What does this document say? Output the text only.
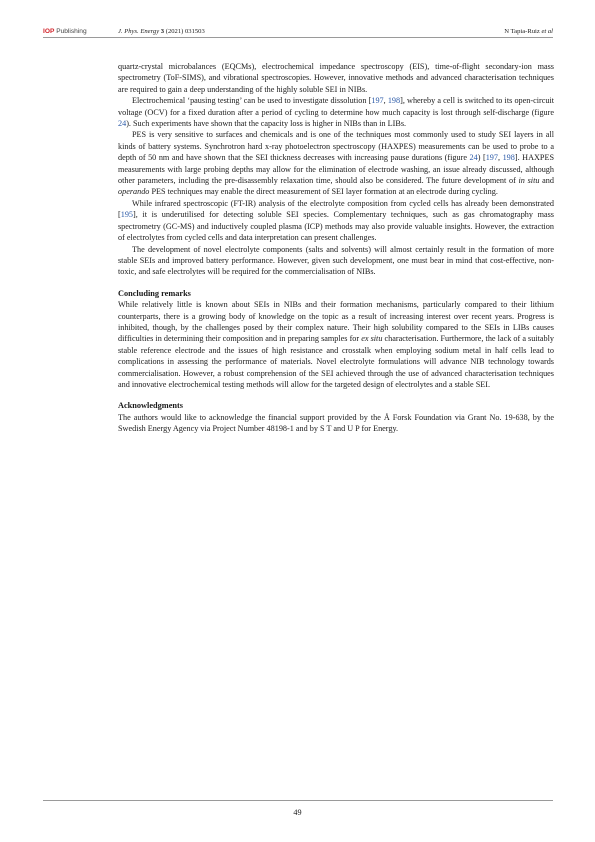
IOP Publishing	J. Phys. Energy 3 (2021) 031503	N Tapia-Ruiz et al

quartz-crystal microbalances (EQCMs), electrochemical impedance spectroscopy (EIS), time-of-flight secondary-ion mass spectrometry (ToF-SIMS), and vibrational spectroscopies. However, innovative methods and advanced characterisation techniques are required to gain a deep understanding of the highly soluble SEI in NIBs.

Electrochemical ‘pausing testing’ can be used to investigate dissolution [197, 198], whereby a cell is switched to its open-circuit voltage (OCV) for a fixed duration after a period of cycling to determine how much capacity is lost through self-discharge (figure 24). Such experiments have shown that the capacity loss is higher in NIBs than in LIBs.

PES is very sensitive to surfaces and chemicals and is one of the techniques most commonly used to study SEI layers in all kinds of battery systems. Synchrotron hard x-ray photoelectron spectroscopy (HAXPES) measurements can be used to probe to a depth of 50 nm and have shown that the SEI thickness decreases with increasing pause durations (figure 24) [197, 198]. HAXPES measurements with large probing depths may allow for the elimination of electrode washing, an issue already discussed, although other parameters, including the pre-disassembly relaxation time, should also be considered. The future development of in situ and operando PES techniques may enable the direct measurement of SEI layer formation at an electrode during cycling.

While infrared spectroscopic (FT-IR) analysis of the electrolyte composition from cycled cells has already been demonstrated [195], it is underutilised for detecting soluble SEI species. Complementary techniques, such as gas chromatography mass spectrometry (GC-MS) and inductively coupled plasma (ICP) methods may also provide valuable insights. However, the extraction of electrolytes from cycled cells and data interpretation can present challenges.

The development of novel electrolyte components (salts and solvents) will almost certainly result in the formation of more stable SEIs and improved battery performance. However, given such development, one must bear in mind that cost-effective, non-toxic, and safe electrolytes will be required for the commercialisation of NIBs.

Concluding remarks

While relatively little is known about SEIs in NIBs and their formation mechanisms, particularly compared to their lithium counterparts, there is a growing body of knowledge on the topic as a result of increasing interest over recent years. Progress is inhibited, though, by the challenges posed by their complex nature. Their high solubility compared to the SEIs in LIBs causes difficulties in determining their composition and in preparing samples for ex situ characterisation. Furthermore, the lack of a suitably stable reference electrode and the issues of high resistance and crosstalk when employing sodium metal in half cells lead to complications in assessing the performance of materials. Novel electrolyte formulations will advance NIB technology towards commercialisation. However, a robust comprehension of the SEI achieved through the use of advanced characterisation techniques and innovative electrochemical testing methods will allow for the targeted design of electrolytes and a stable SEI.

Acknowledgments

The authors would like to acknowledge the financial support provided by the Å Forsk Foundation via Grant No. 19-638, by the Swedish Energy Agency via Project Number 48198-1 and by S T and U P for Energy.

49
